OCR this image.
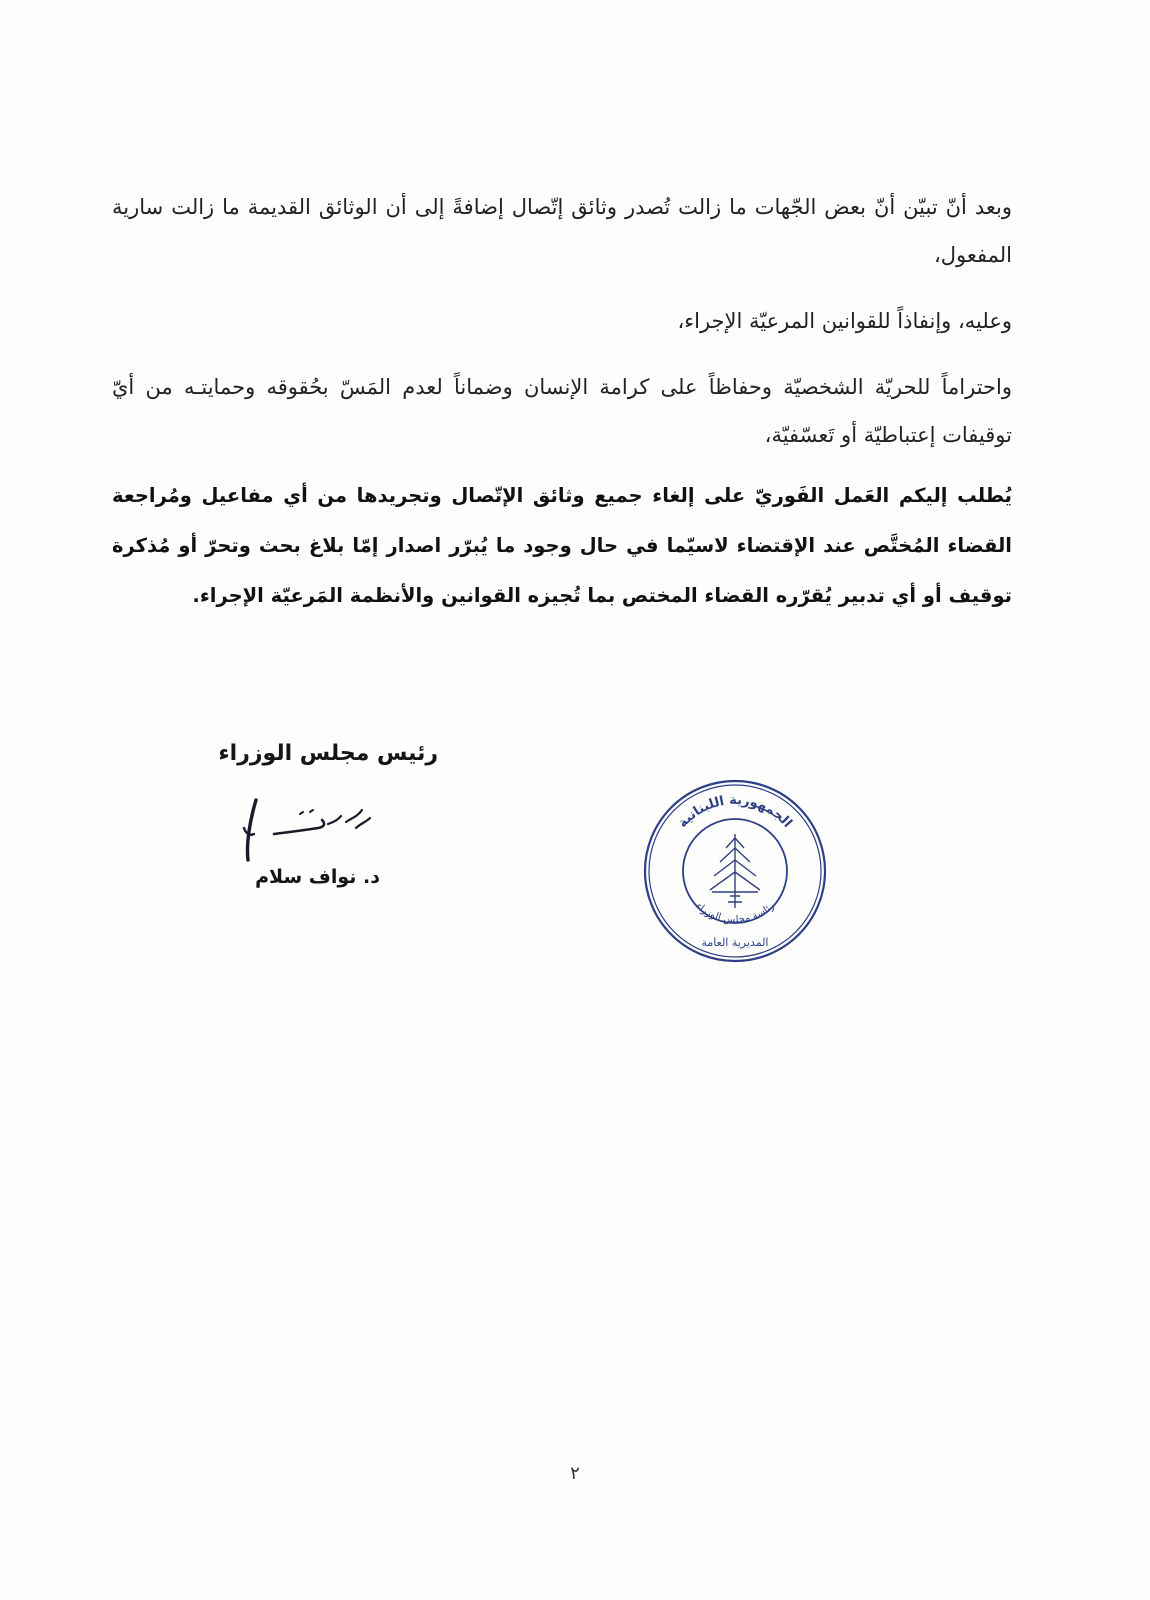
وبعد أنّ تبيّن أنّ بعض الجّهات ما زالت تُصدر وثائق إتّصال إضافةً إلى أن الوثائق القديمة ما زالت سارية المفعول،

وعليه، وإنفاذاً للقوانين المرعيّة الإجراء،

واحتراماً للحريّة الشخصيّة وحفاظاً على كرامة الإنسان وضماناً لعدم المَسّ بحُقوقه وحمايتـه من أيّ توقيفات إعتباطيّة أو تَعسّفيّة،

يُطلب إليكم العَمل الفَوريّ على إلغاء جميع وثائق الإتّصال وتجريدها من أي مفاعيل ومُراجعة القضاء المُختَّص عند الإقتضاء لاسيّما في حال وجود ما يُبرّر اصدار إمّا بلاغ بحث وتحرّ أو مُذكرة توقيف أو أي تدبير يُقرّره القضاء المختص بما تُجيزه القوانين والأنظمة المَرعيّة الإجراء.

رئيس مجلس الوزراء
د. نواف سلام
الجمهورية اللبنانية
رئاسة مجلس الوزراء
المديرية العامة
٢
